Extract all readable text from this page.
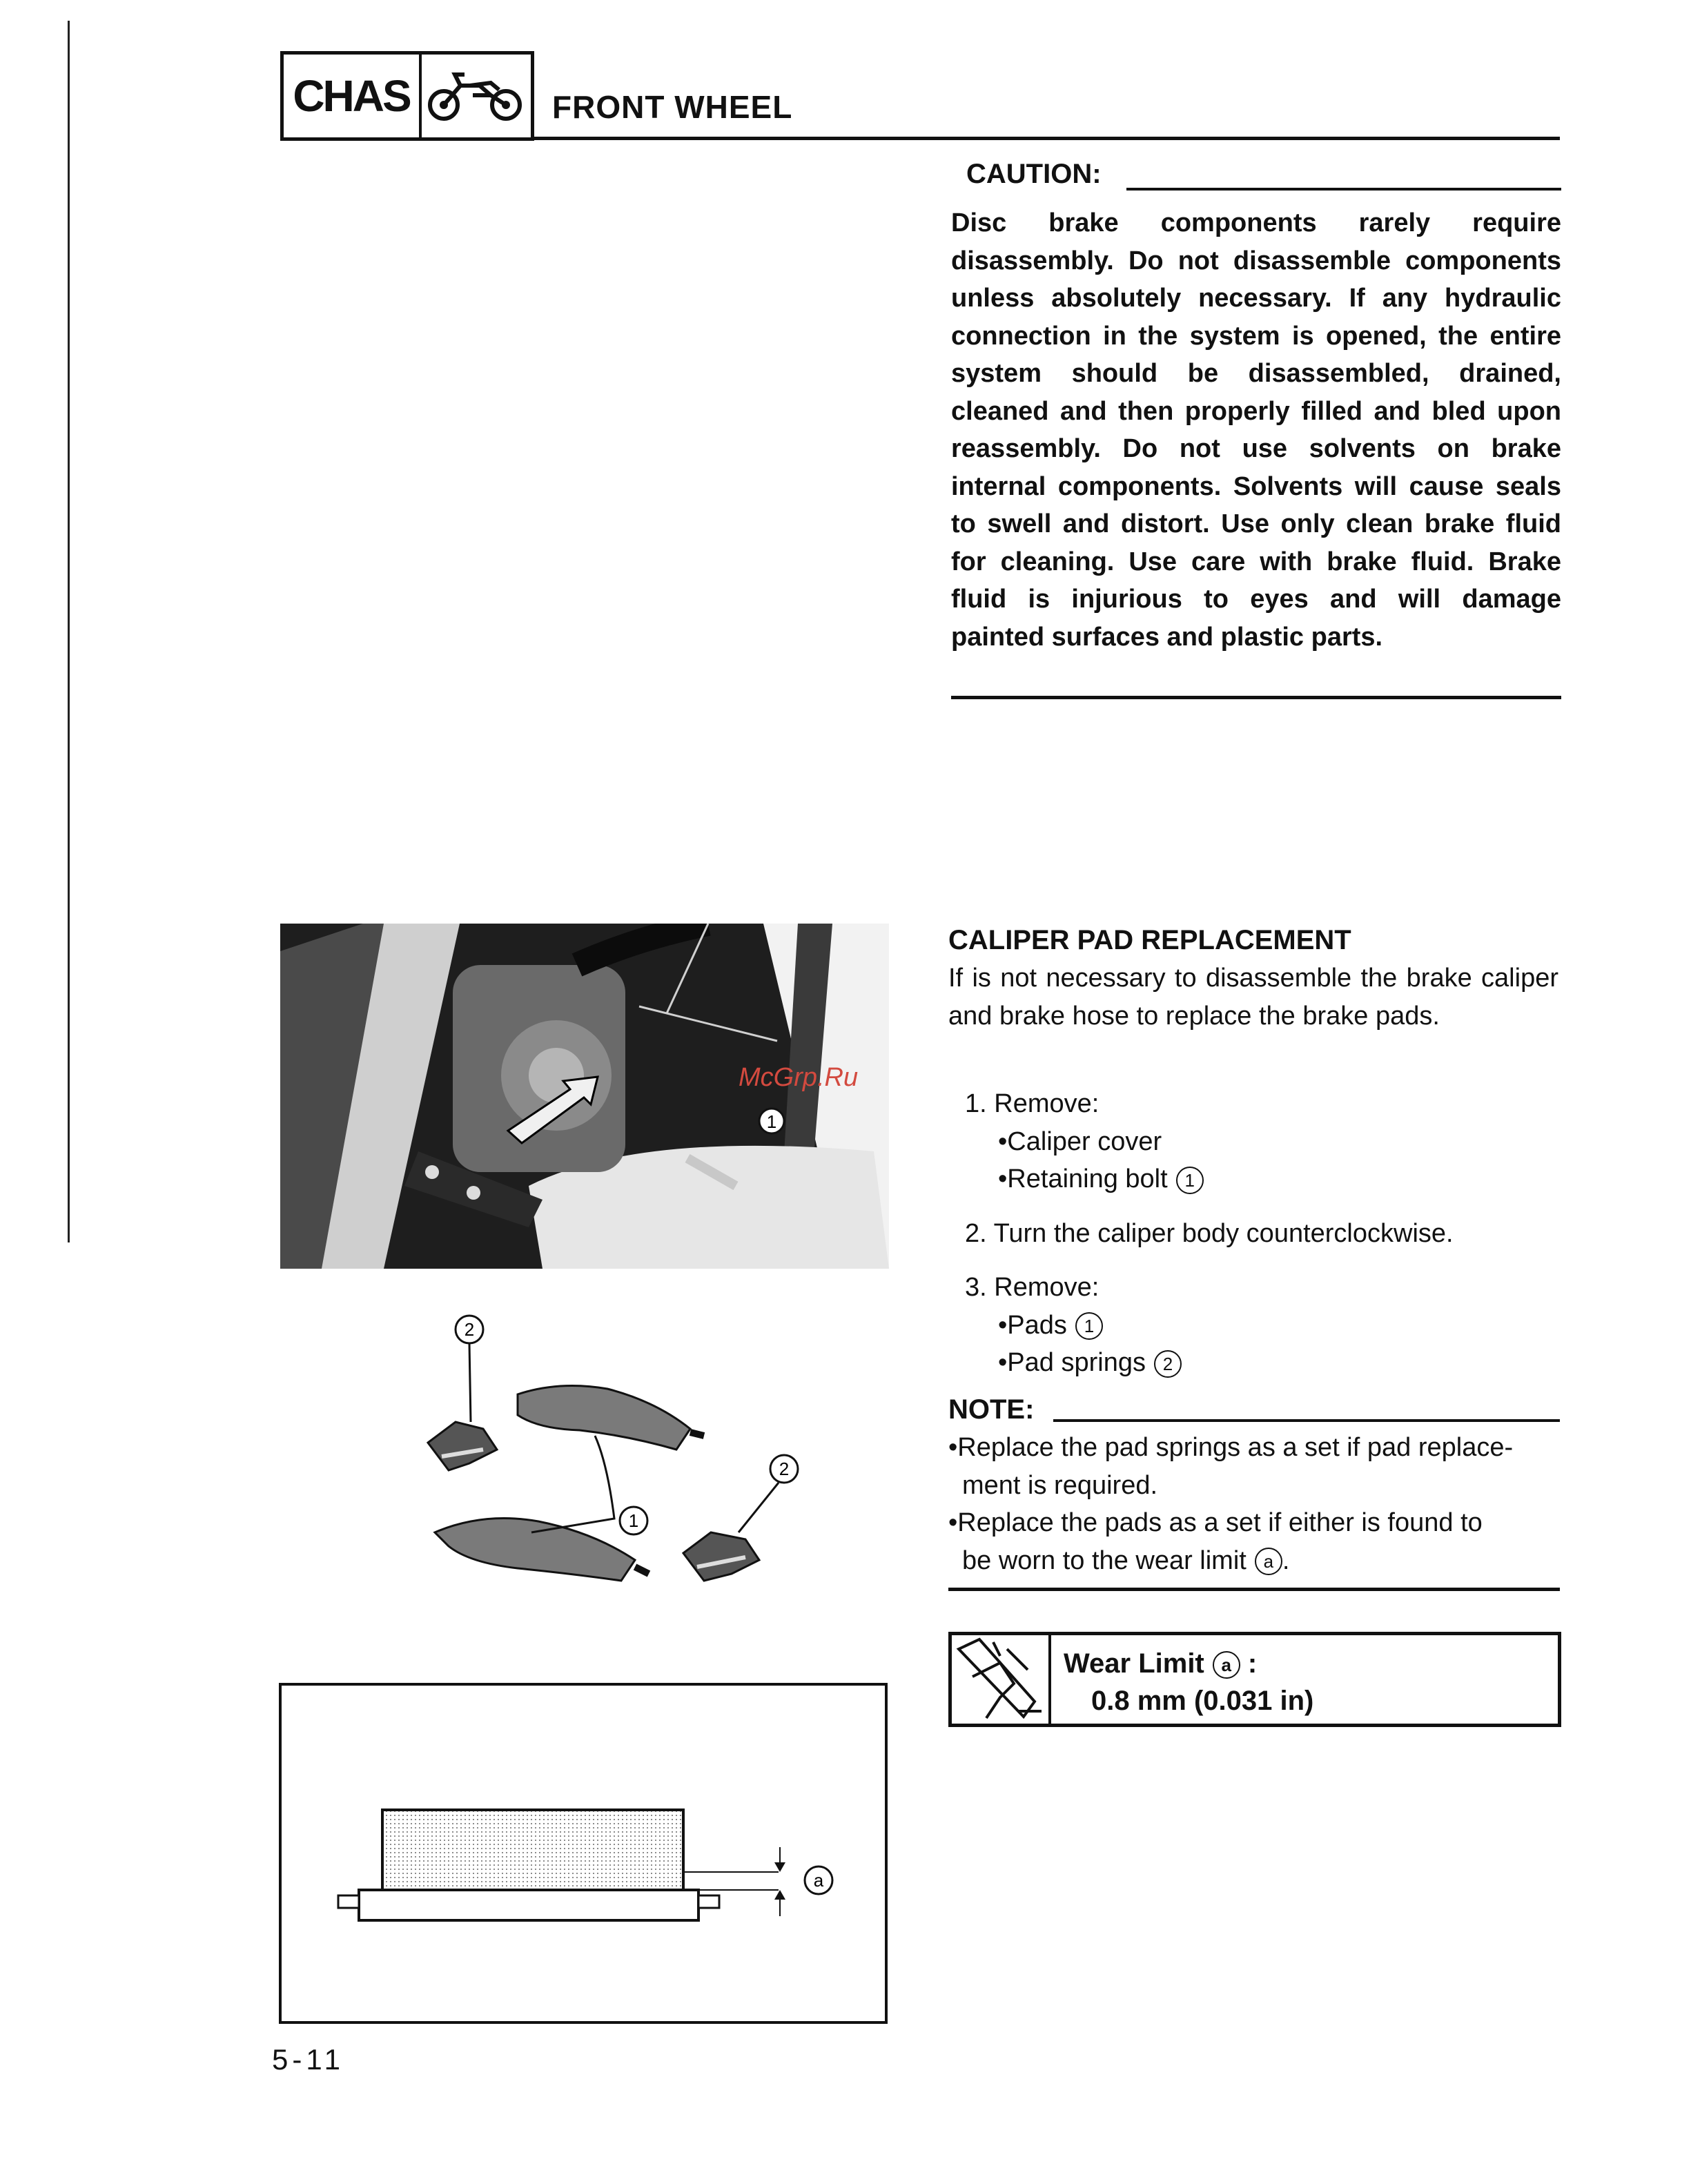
CHAS	FRONT WHEEL
CAUTION:

Disc brake components rarely require disassembly. Do not disassemble components unless absolutely necessary. If any hydraulic connection in the system is opened, the entire system should be disassembled, drained, cleaned and then properly filled and bled upon reassembly. Do not use solvents on brake internal components. Solvents will cause seals to swell and distort. Use only clean brake fluid for cleaning. Use care with brake fluid. Brake fluid is injurious to eyes and will damage painted surfaces and plastic parts.

1
2
1
2
a
CALIPER PAD REPLACEMENT

If is not necessary to disassemble the brake caliper and brake hose to replace the brake pads.

1. Remove:
•Caliper cover
•Retaining bolt 1
2. Turn the caliper body counterclockwise.
3. Remove:
•Pads 1
•Pad springs 2
NOTE:
•Replace the pad springs as a set if pad replace-
ment is required.
•Replace the pads as a set if either is found to
be worn to the wear limit a .
Wear Limit a :
0.8 mm (0.031 in)
McGrp.Ru
5-11
